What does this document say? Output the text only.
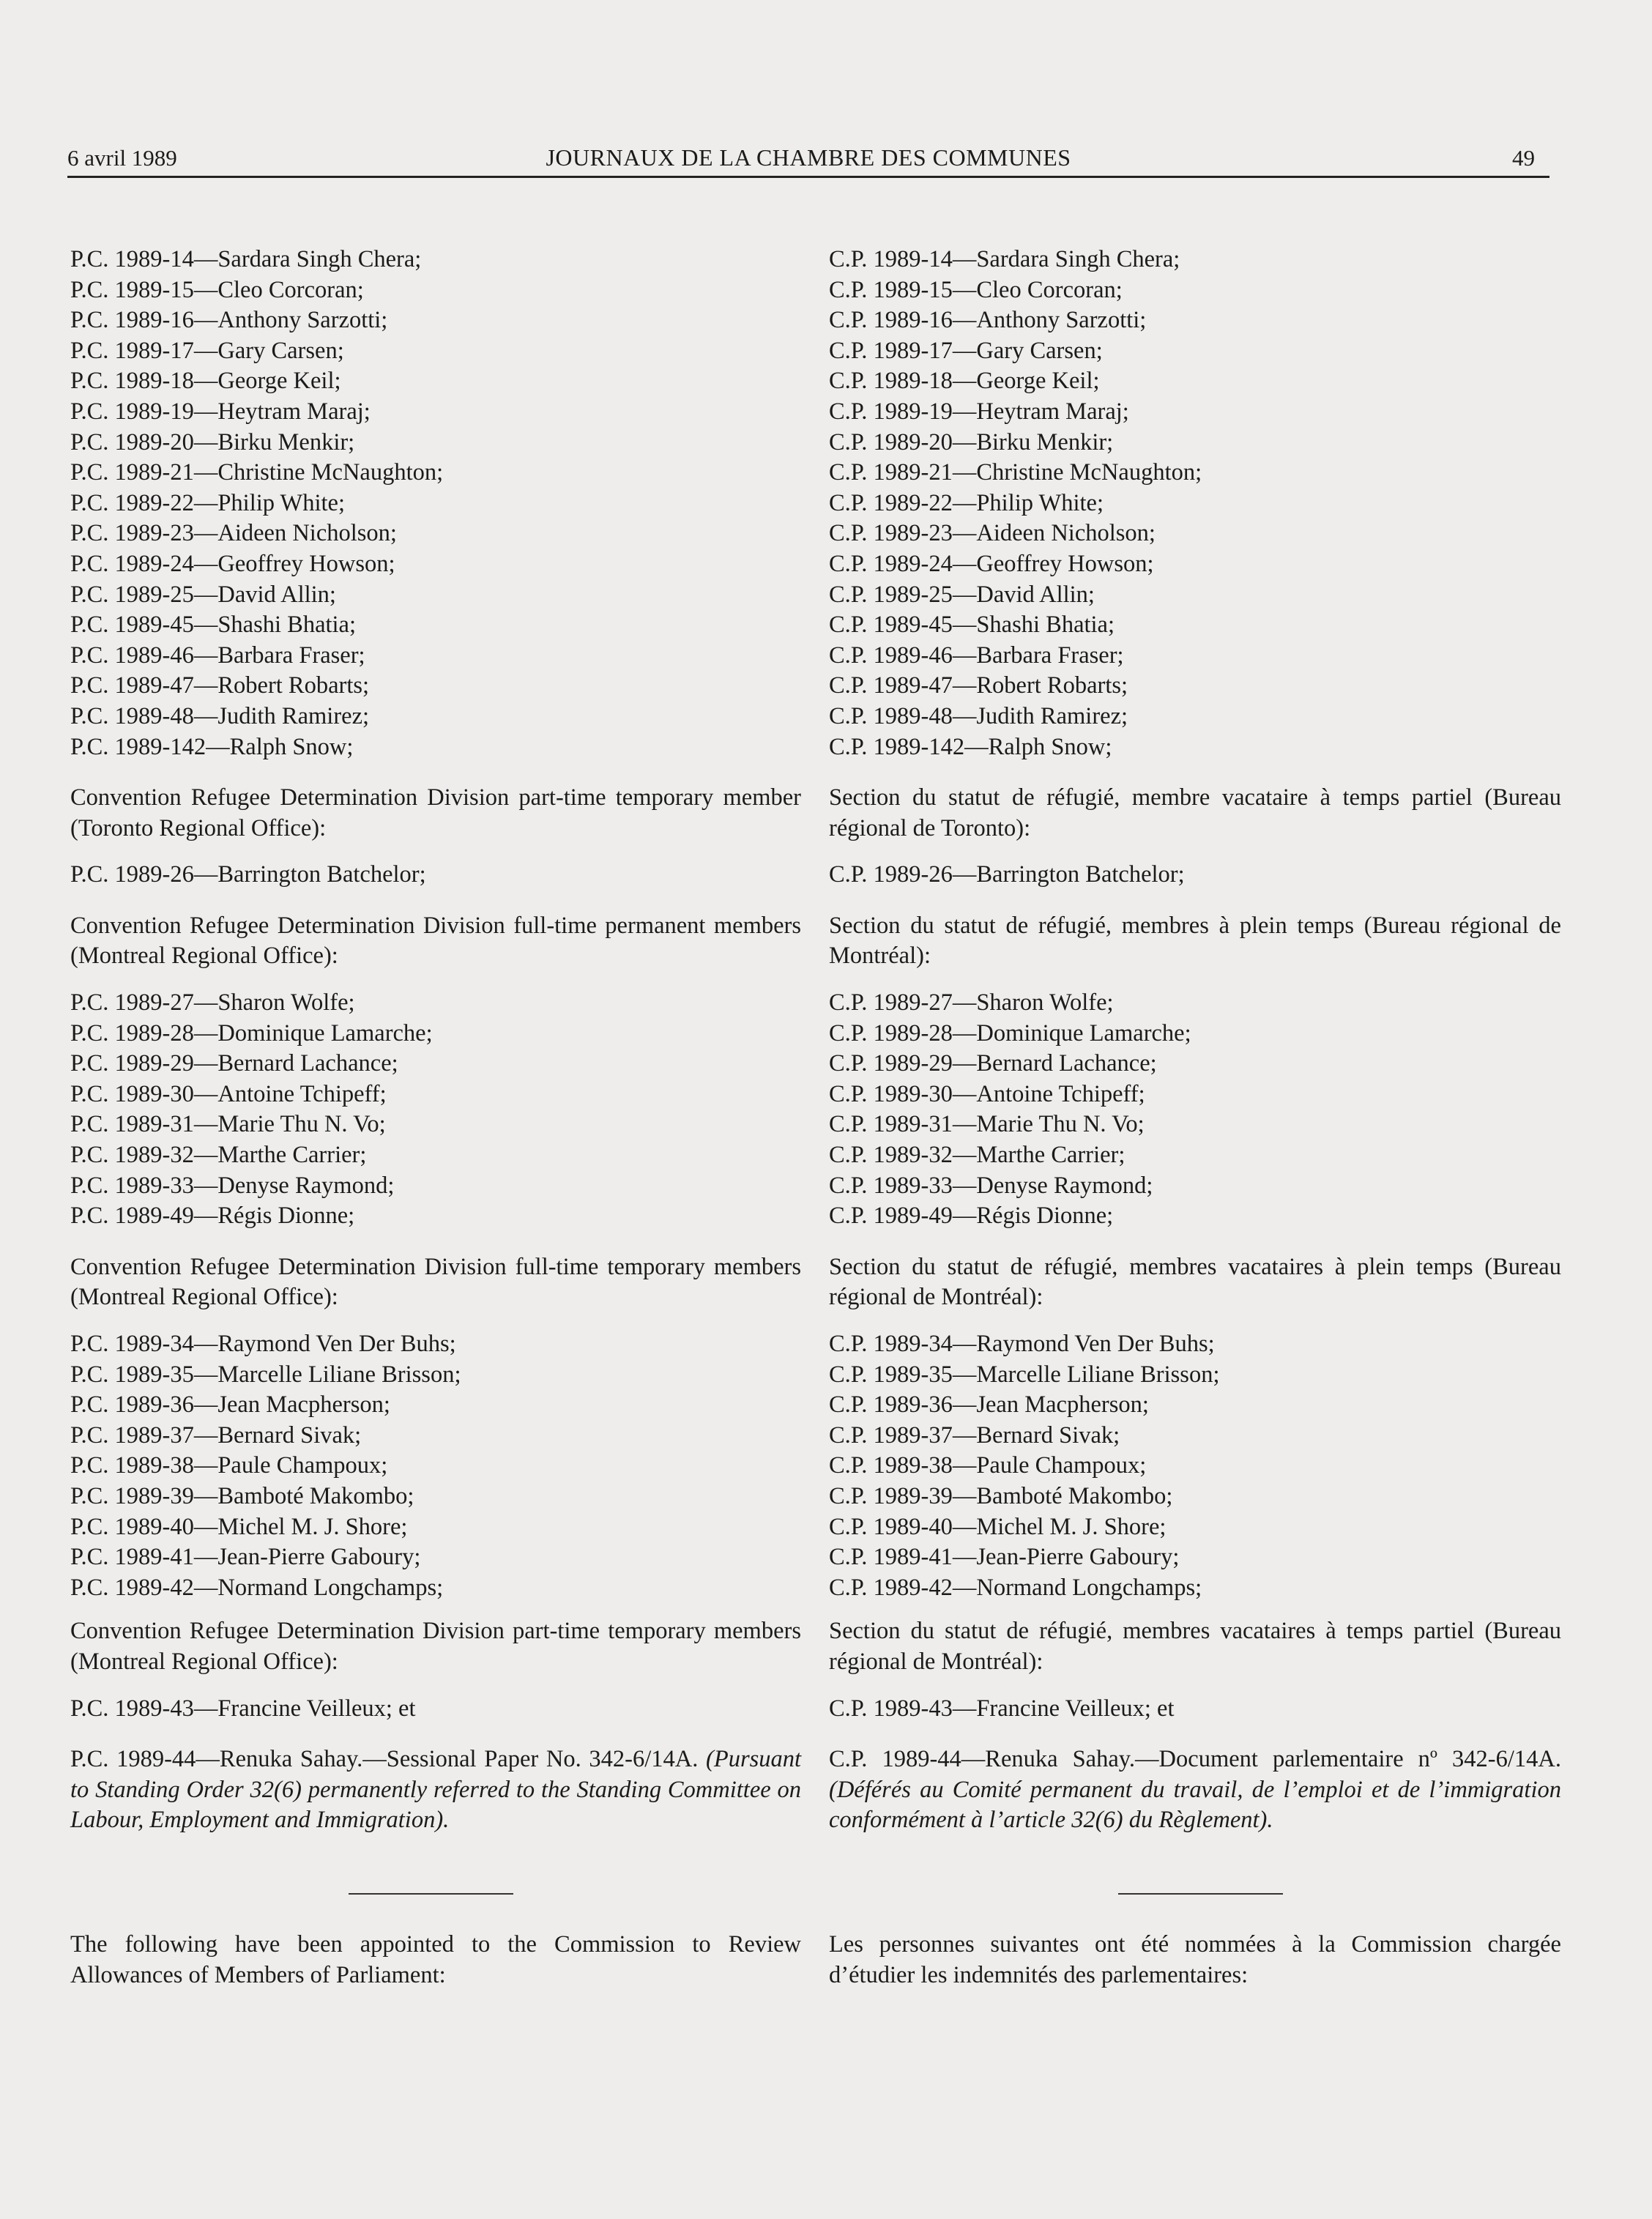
6 avril 1989	JOURNAUX DE LA CHAMBRE DES COMMUNES	49
P.C. 1989-14—Sardara Singh Chera;
P.C. 1989-15—Cleo Corcoran;
P.C. 1989-16—Anthony Sarzotti;
P.C. 1989-17—Gary Carsen;
P.C. 1989-18—George Keil;
P.C. 1989-19—Heytram Maraj;
P.C. 1989-20—Birku Menkir;
P.C. 1989-21—Christine McNaughton;
P.C. 1989-22—Philip White;
P.C. 1989-23—Aideen Nicholson;
P.C. 1989-24—Geoffrey Howson;
P.C. 1989-25—David Allin;
P.C. 1989-45—Shashi Bhatia;
P.C. 1989-46—Barbara Fraser;
P.C. 1989-47—Robert Robarts;
P.C. 1989-48—Judith Ramirez;
P.C. 1989-142—Ralph Snow;

Convention Refugee Determination Division part-time temporary member (Toronto Regional Office):

P.C. 1989-26—Barrington Batchelor;

Convention Refugee Determination Division full-time permanent members (Montreal Regional Office):

P.C. 1989-27—Sharon Wolfe;
P.C. 1989-28—Dominique Lamarche;
P.C. 1989-29—Bernard Lachance;
P.C. 1989-30—Antoine Tchipeff;
P.C. 1989-31—Marie Thu N. Vo;
P.C. 1989-32—Marthe Carrier;
P.C. 1989-33—Denyse Raymond;
P.C. 1989-49—Régis Dionne;

Convention Refugee Determination Division full-time temporary members (Montreal Regional Office):

P.C. 1989-34—Raymond Ven Der Buhs;
P.C. 1989-35—Marcelle Liliane Brisson;
P.C. 1989-36—Jean Macpherson;
P.C. 1989-37—Bernard Sivak;
P.C. 1989-38—Paule Champoux;
P.C. 1989-39—Bamboté Makombo;
P.C. 1989-40—Michel M. J. Shore;
P.C. 1989-41—Jean-Pierre Gaboury;
P.C. 1989-42—Normand Longchamps;

Convention Refugee Determination Division part-time temporary members (Montreal Regional Office):

P.C. 1989-43—Francine Veilleux; et

P.C. 1989-44—Renuka Sahay.—Sessional Paper No. 342-6/14A. (Pursuant to Standing Order 32(6) permanently referred to the Standing Committee on Labour, Employment and Immigration).

The following have been appointed to the Commission to Review Allowances of Members of Parliament:

C.P. 1989-14—Sardara Singh Chera;
C.P. 1989-15—Cleo Corcoran;
C.P. 1989-16—Anthony Sarzotti;
C.P. 1989-17—Gary Carsen;
C.P. 1989-18—George Keil;
C.P. 1989-19—Heytram Maraj;
C.P. 1989-20—Birku Menkir;
C.P. 1989-21—Christine McNaughton;
C.P. 1989-22—Philip White;
C.P. 1989-23—Aideen Nicholson;
C.P. 1989-24—Geoffrey Howson;
C.P. 1989-25—David Allin;
C.P. 1989-45—Shashi Bhatia;
C.P. 1989-46—Barbara Fraser;
C.P. 1989-47—Robert Robarts;
C.P. 1989-48—Judith Ramirez;
C.P. 1989-142—Ralph Snow;

Section du statut de réfugié, membre vacataire à temps partiel (Bureau régional de Toronto):

C.P. 1989-26—Barrington Batchelor;

Section du statut de réfugié, membres à plein temps (Bureau régional de Montréal):

C.P. 1989-27—Sharon Wolfe;
C.P. 1989-28—Dominique Lamarche;
C.P. 1989-29—Bernard Lachance;
C.P. 1989-30—Antoine Tchipeff;
C.P. 1989-31—Marie Thu N. Vo;
C.P. 1989-32—Marthe Carrier;
C.P. 1989-33—Denyse Raymond;
C.P. 1989-49—Régis Dionne;

Section du statut de réfugié, membres vacataires à plein temps (Bureau régional de Montréal):

C.P. 1989-34—Raymond Ven Der Buhs;
C.P. 1989-35—Marcelle Liliane Brisson;
C.P. 1989-36—Jean Macpherson;
C.P. 1989-37—Bernard Sivak;
C.P. 1989-38—Paule Champoux;
C.P. 1989-39—Bamboté Makombo;
C.P. 1989-40—Michel M. J. Shore;
C.P. 1989-41—Jean-Pierre Gaboury;
C.P. 1989-42—Normand Longchamps;

Section du statut de réfugié, membres vacataires à temps partiel (Bureau régional de Montréal):

C.P. 1989-43—Francine Veilleux; et

C.P. 1989-44—Renuka Sahay.—Document parlementaire nº 342-6/14A. (Déférés au Comité permanent du travail, de l’emploi et de l’immigration conformément à l’article 32(6) du Règlement).

Les personnes suivantes ont été nommées à la Commission chargée d’étudier les indemnités des parlementaires:
